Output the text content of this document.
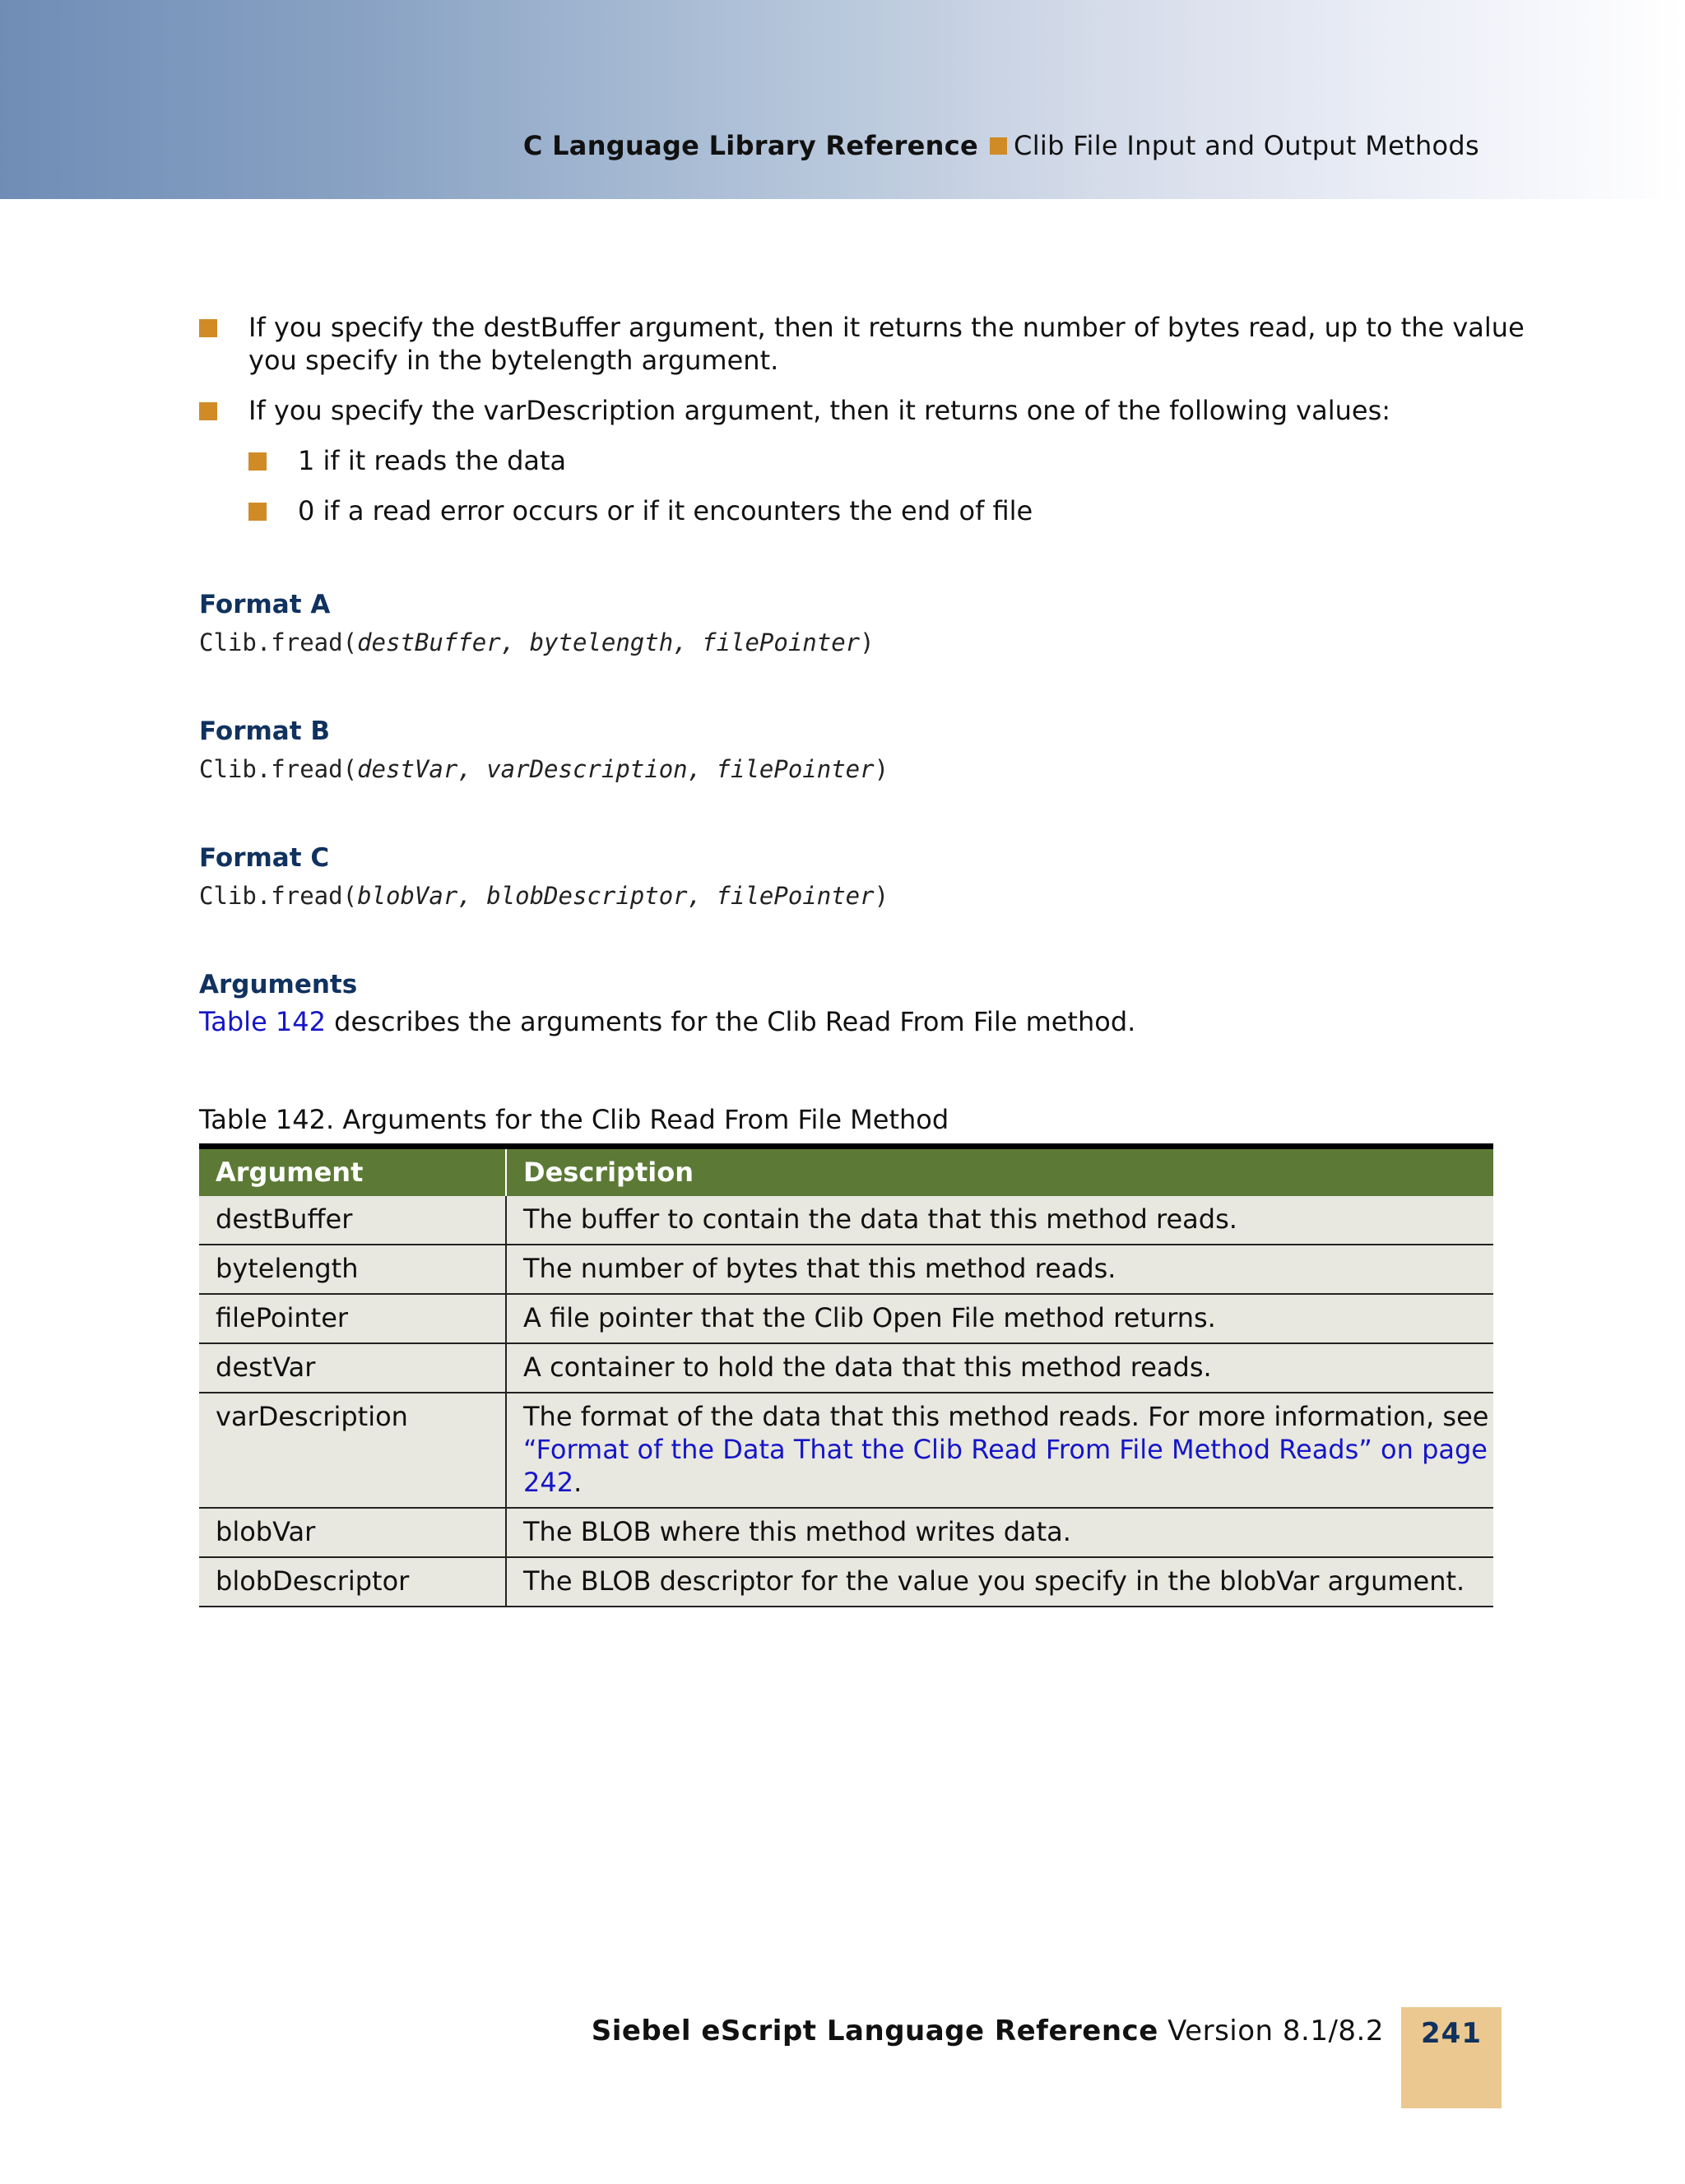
C Language Library Reference Clib File Input and Output Methods
If you specify the destBuffer argument, then it returns the number of bytes read, up to the value
you specify in the bytelength argument.
If you specify the varDescription argument, then it returns one of the following values:
1 if it reads the data
0 if a read error occurs or if it encounters the end of file
Format A
Clib.fread(destBuffer, bytelength, filePointer)
Format B
Clib.fread(destVar, varDescription, filePointer)
Format C
Clib.fread(blobVar, blobDescriptor, filePointer)
Arguments
Table 142 describes the arguments for the Clib Read From File method.
Table 142. Arguments for the Clib Read From File Method
Argument	Description
destBuffer	The buffer to contain the data that this method reads.
bytelength	The number of bytes that this method reads.
filePointer	A file pointer that the Clib Open File method returns.
destVar	A container to hold the data that this method reads.
varDescription	The format of the data that this method reads. For more information, see
“Format of the Data That the Clib Read From File Method Reads” on page 242.
blobVar	The BLOB where this method writes data.
blobDescriptor	The BLOB descriptor for the value you specify in the blobVar argument.
Siebel eScript Language Reference Version 8.1/8.2	241
